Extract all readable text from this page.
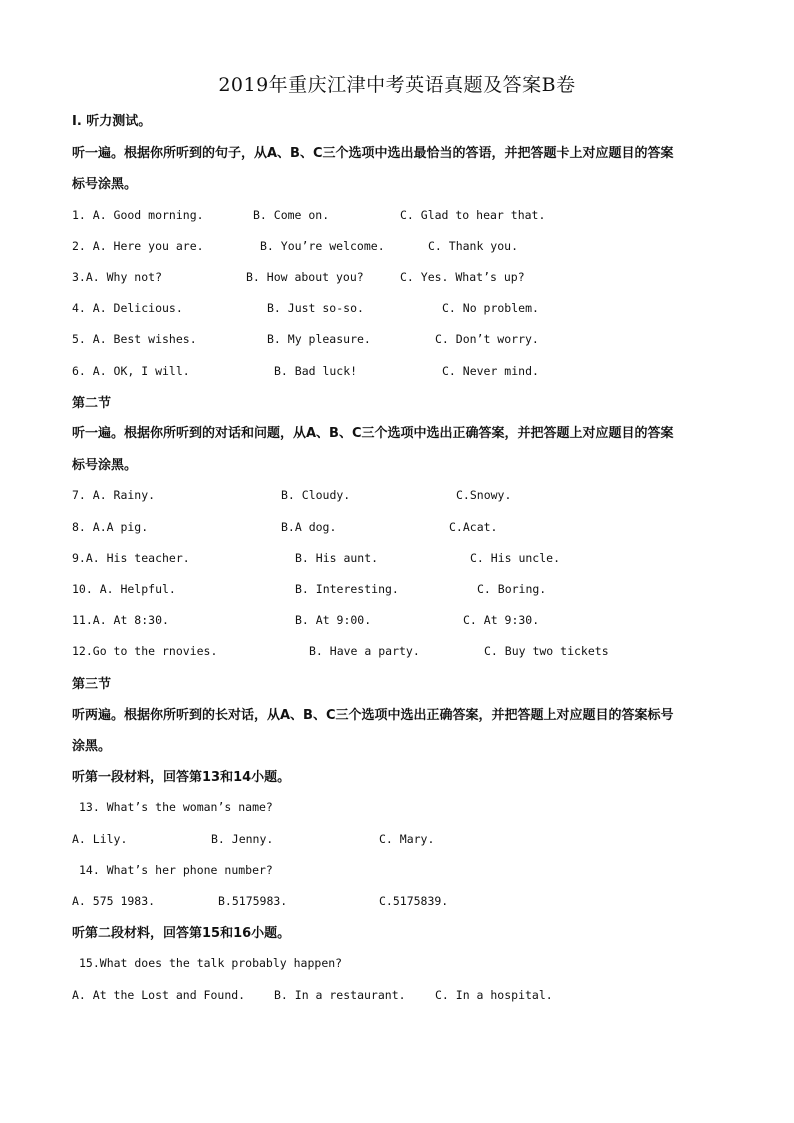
2019年重庆江津中考英语真题及答案B卷
I. 听力测试。
听一遍。根据你所听到的句子，从A、B、C三个选项中选出最恰当的答语，并把答题卡上对应题目的答案
标号涂黑。
1. A. Good morning.	B. Come on.	C. Glad to hear that.
2. A. Here you are.	B. You’re welcome.	C. Thank you.
3.A. Why not?	B. How about you?	C. Yes. What’s up?
4. A. Delicious.	B. Just so-so.	C. No problem.
5. A. Best wishes.	B. My pleasure.	C. Don’t worry.
6. A. OK, I will.	B. Bad luck!	C. Never mind.
第二节
听一遍。根据你所听到的对话和问题，从A、B、C三个选项中选出正确答案，并把答题上对应题目的答案
标号涂黑。
7. A. Rainy.	B. Cloudy.	C.Snowy.
8. A.A pig.	B.A dog.	C.Acat.
9.A. His teacher.	B. His aunt.	C. His uncle.
10. A. Helpful.	B. Interesting.	C. Boring.
11.A. At 8:30.	B. At 9:00.	C. At 9:30.
12.Go to the rnovies.	B. Have a party.	C. Buy two tickets
第三节
听两遍。根据你所听到的长对话，从A、B、C三个选项中选出正确答案，并把答题上对应题目的答案标号
涂黑。
听第一段材料，回答第13和14小题。
13. What’s the woman’s name?
A. Lily.	B. Jenny.	C. Mary.
14. What’s her phone number?
A. 575 1983.	B.5175983.	C.5175839.
听第二段材料，回答第15和16小题。
15.What does the talk probably happen?
A. At the Lost and Found.	B. In a restaurant.	C. In a hospital.
